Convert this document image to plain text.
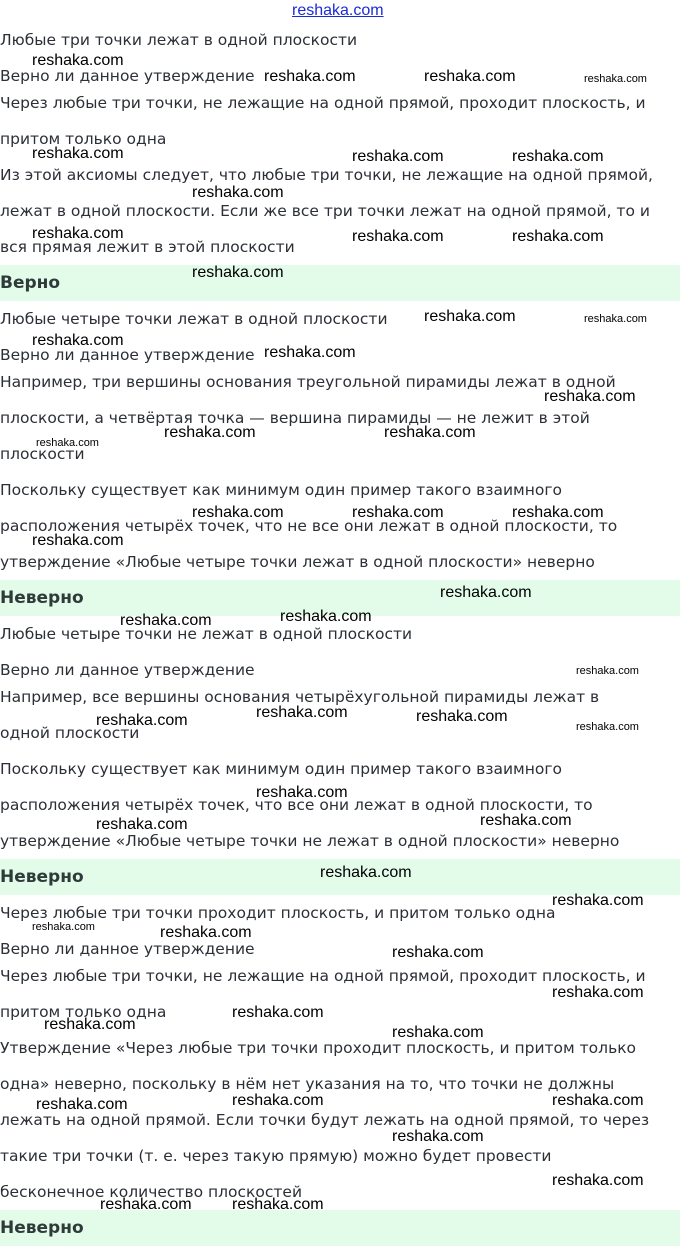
reshaka.com
Любые три точки лежат в одной плоскости
Верно ли данное утверждение
Через любые три точки, не лежащие на одной прямой, проходит плоскость, и
притом только одна
Из этой аксиомы следует, что любые три точки, не лежащие на одной прямой,
лежат в одной плоскости. Если же все три точки лежат на одной прямой, то и
вся прямая лежит в этой плоскости
Верно
Любые четыре точки лежат в одной плоскости
Верно ли данное утверждение
Например, три вершины основания треугольной пирамиды лежат в одной
плоскости, а четвёртая точка — вершина пирамиды — не лежит в этой
плоскости
Поскольку существует как минимум один пример такого взаимного
расположения четырёх точек, что не все они лежат в одной плоскости, то
утверждение «Любые четыре точки лежат в одной плоскости» неверно
Неверно
Любые четыре точки не лежат в одной плоскости
Верно ли данное утверждение
Например, все вершины основания четырёхугольной пирамиды лежат в
одной плоскости
Поскольку существует как минимум один пример такого взаимного
расположения четырёх точек, что все они лежат в одной плоскости, то
утверждение «Любые четыре точки не лежат в одной плоскости» неверно
Неверно
Через любые три точки проходит плоскость, и притом только одна
Верно ли данное утверждение
Через любые три точки, не лежащие на одной прямой, проходит плоскость, и
притом только одна
Утверждение «Через любые три точки проходит плоскость, и притом только
одна» неверно, поскольку в нём нет указания на то, что точки не должны
лежать на одной прямой. Если точки будут лежать на одной прямой, то через
такие три точки (т. е. через такую прямую) можно будет провести
бесконечное количество плоскостей
Неверно
reshaka.com
reshaka.com	reshaka.com	reshaka.com
reshaka.com	reshaka.com	reshaka.com
reshaka.com
reshaka.com	reshaka.com	reshaka.com
reshaka.com
reshaka.com	reshaka.com
reshaka.com
reshaka.com
reshaka.com
reshaka.com	reshaka.com
reshaka.com
reshaka.com	reshaka.com	reshaka.com
reshaka.com
reshaka.com
reshaka.com
reshaka.com
reshaka.com
reshaka.com	reshaka.com
reshaka.com	reshaka.com
reshaka.com
reshaka.com
reshaka.com
reshaka.com
reshaka.com
reshaka.com	reshaka.com
reshaka.com
reshaka.com
reshaka.com
reshaka.com	reshaka.com
reshaka.com	reshaka.com
reshaka.com
reshaka.com
reshaka.com
reshaka.com	reshaka.com
